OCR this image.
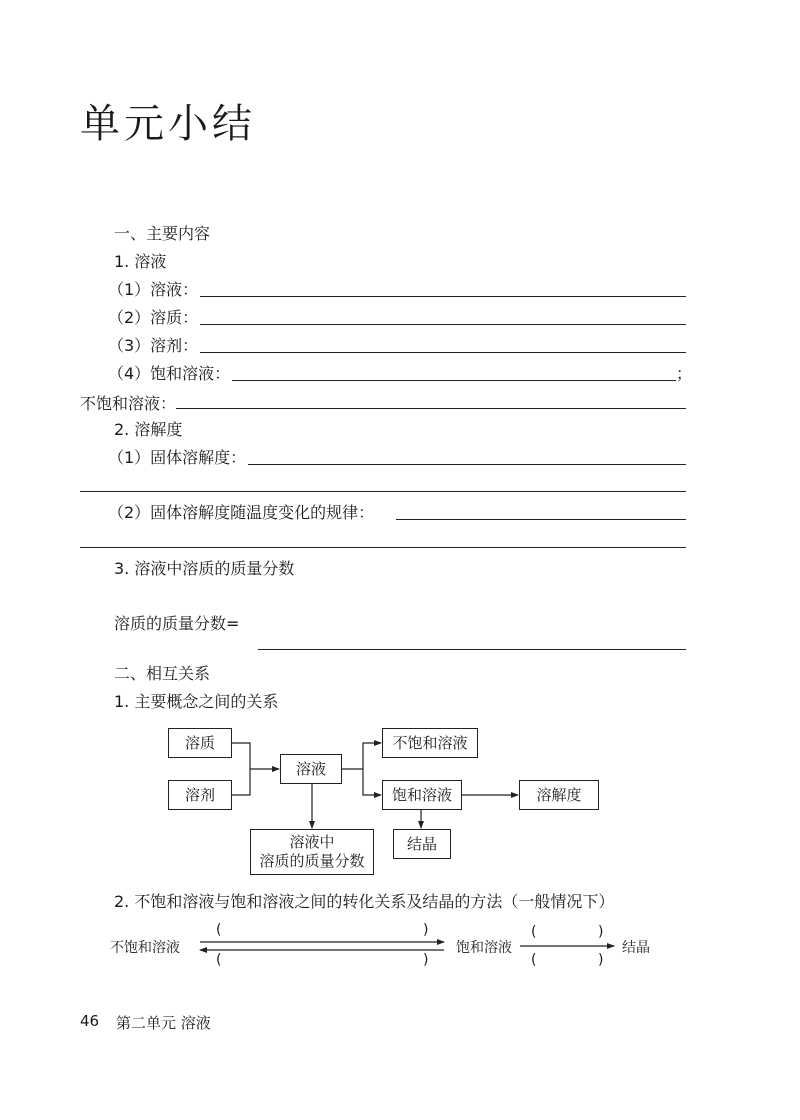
单元小结
一、主要内容
1. 溶液
（1）溶液：
（2）溶质：
（3）溶剂：
（4）饱和溶液：	；
不饱和溶液：
2. 溶解度
（1）固体溶解度：
（2）固体溶解度随温度变化的规律：
3. 溶液中溶质的质量分数
溶质的质量分数=
二、相互关系
1. 主要概念之间的关系
溶质
溶剂
溶液
不饱和溶液
饱和溶液	溶解度
结晶
溶液中
溶质的质量分数
2. 不饱和溶液与饱和溶液之间的转化关系及结晶的方法（一般情况下）
不饱和溶液	饱和溶液	结晶
(	)
(	)
(	)
(	)
46 第二单元 溶液
